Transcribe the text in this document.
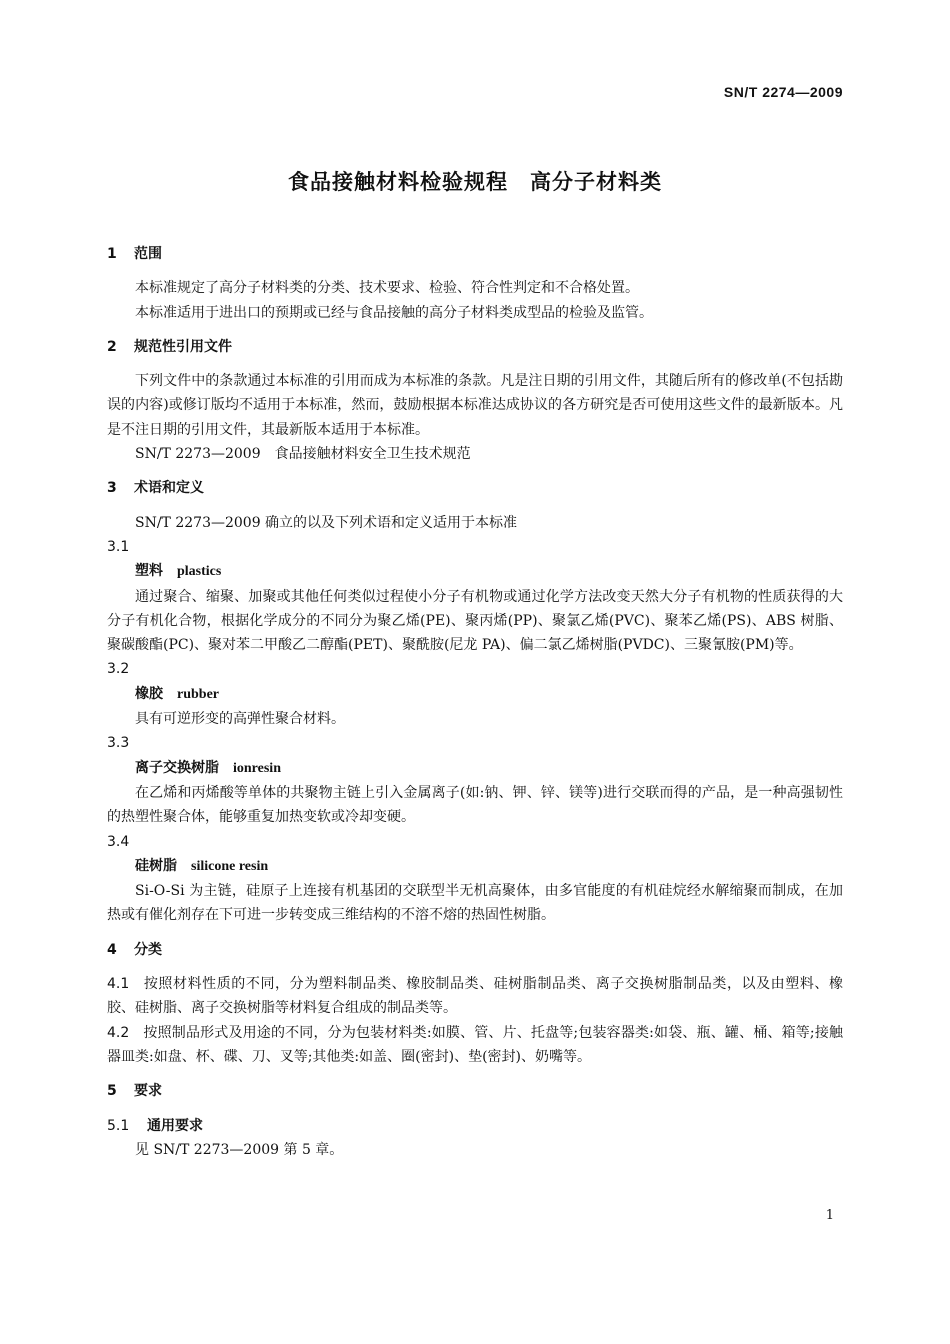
SN/T 2274—2009
食品接触材料检验规程　高分子材料类
1 范围

本标准规定了高分子材料类的分类、技术要求、检验、符合性判定和不合格处置。

本标准适用于进出口的预期或已经与食品接触的高分子材料类成型品的检验及监管。

2 规范性引用文件

下列文件中的条款通过本标准的引用而成为本标准的条款。凡是注日期的引用文件，其随后所有的修改单(不包括勘误的内容)或修订版均不适用于本标准，然而，鼓励根据本标准达成协议的各方研究是否可使用这些文件的最新版本。凡是不注日期的引用文件，其最新版本适用于本标准。

SN/T 2273—2009　食品接触材料安全卫生技术规范

3 术语和定义

SN/T 2273—2009 确立的以及下列术语和定义适用于本标准

3.1

塑料 plastics

通过聚合、缩聚、加聚或其他任何类似过程使小分子有机物或通过化学方法改变天然大分子有机物的性质获得的大分子有机化合物，根据化学成分的不同分为聚乙烯(PE)、聚丙烯(PP)、聚氯乙烯(PVC)、聚苯乙烯(PS)、ABS 树脂、聚碳酸酯(PC)、聚对苯二甲酸乙二醇酯(PET)、聚酰胺(尼龙 PA)、偏二氯乙烯树脂(PVDC)、三聚氰胺(PM)等。

3.2

橡胶 rubber

具有可逆形变的高弹性聚合材料。

3.3

离子交换树脂 ionresin

在乙烯和丙烯酸等单体的共聚物主链上引入金属离子(如:钠、钾、锌、镁等)进行交联而得的产品，是一种高强韧性的热塑性聚合体，能够重复加热变软或冷却变硬。

3.4

硅树脂 silicone resin

Si-O-Si 为主链，硅原子上连接有机基团的交联型半无机高聚体，由多官能度的有机硅烷经水解缩聚而制成，在加热或有催化剂存在下可进一步转变成三维结构的不溶不熔的热固性树脂。

4 分类

4.1 按照材料性质的不同，分为塑料制品类、橡胶制品类、硅树脂制品类、离子交换树脂制品类，以及由塑料、橡胶、硅树脂、离子交换树脂等材料复合组成的制品类等。

4.2 按照制品形式及用途的不同，分为包装材料类:如膜、管、片、托盘等;包装容器类:如袋、瓶、罐、桶、箱等;接触器皿类:如盘、杯、碟、刀、叉等;其他类:如盖、圈(密封)、垫(密封)、奶嘴等。

5 要求

5.1 通用要求

见 SN/T 2273—2009 第 5 章。

1
